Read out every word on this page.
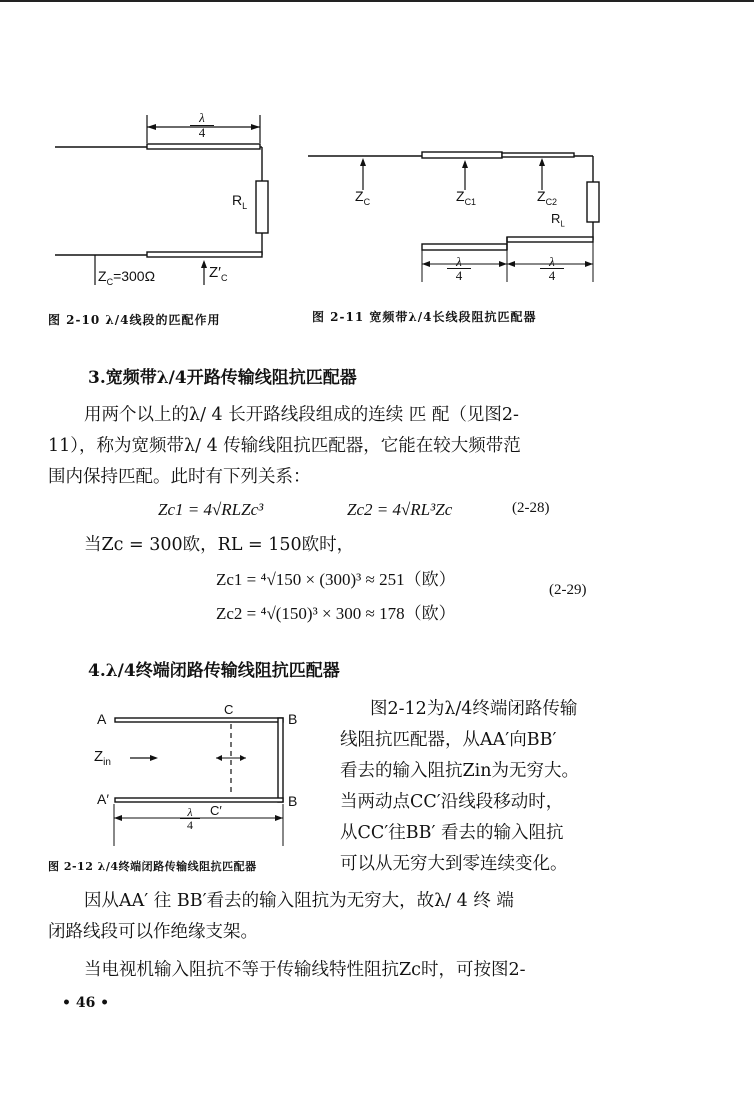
$\frac{\lambda}{4}$
$R_L$
$Z_C=300\Omega$	$Z'_C$
图 2-10 λ/4线段的匹配作用
$Z_C$	$Z_{C1}$	$Z_{C2}$
$R_L$
λ
4
λ
4
图 2-11 宽频带λ/4长线段阻抗匹配器
3.宽频带λ/4开路传输线阻抗匹配器
用两个以上的λ/ 4 长开路线段组成的连续 匹 配（见图2-
11），称为宽频带λ/ 4 传输线阻抗匹配器，它能在较大频带范
围内保持匹配。此时有下列关系：
Zc1 = 4√RLZc³	Zc2 = 4√RL³Zc	(2-28)
当Zc = 300欧，RL = 150欧时，
Zc1 = ⁴√150 × (300)³ ≈ 251（欧）
Zc2 = ⁴√(150)³ × 300 ≈ 178（欧）
(2-29)
4.λ/4终端闭路传输线阻抗匹配器
A
A′
B
B
C
C′
$Z_{in}$
λ
4
图 2-12 λ/4终端闭路传输线阻抗匹配器
图2-12为λ/4终端闭路传输
线阻抗匹配器，从AA′向BB′
看去的输入阻抗Zin为无穷大。
当两动点CC′沿线段移动时，
从CC′往BB′ 看去的输入阻抗
可以从无穷大到零连续变化。
因从AA′ 往 BB′看去的输入阻抗为无穷大，故λ/ 4 终 端
闭路线段可以作绝缘支架。
当电视机输入阻抗不等于传输线特性阻抗Zc时，可按图2-
• 46 •
